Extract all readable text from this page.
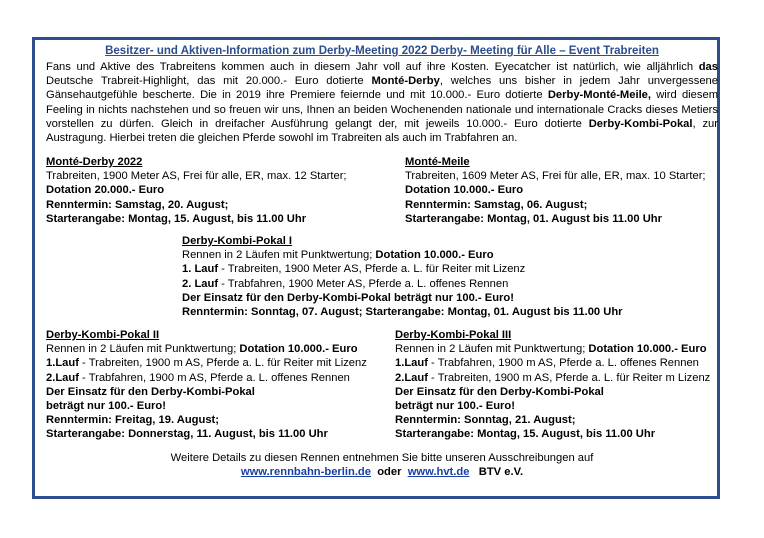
Besitzer- und Aktiven-Information zum Derby-Meeting 2022 Derby- Meeting für Alle – Event Trabreiten
Fans und Aktive des Trabreitens kommen auch in diesem Jahr voll auf ihre Kosten. Eyecatcher ist natürlich, wie alljährlich das Deutsche Trabreit-Highlight, das mit 20.000.- Euro dotierte Monté-Derby, welches uns bisher in jedem Jahr unvergessene Gänsehautgefühle bescherte. Die in 2019 ihre Premiere feiernde und mit 10.000.- Euro dotierte Derby-Monté-Meile, wird diesem Feeling in nichts nachstehen und so freuen wir uns, Ihnen an beiden Wochenenden nationale und internationale Cracks dieses Metiers vorstellen zu dürfen. Gleich in dreifacher Ausführung gelangt der, mit jeweils 10.000.- Euro dotierte Derby-Kombi-Pokal, zur Austragung. Hierbei treten die gleichen Pferde sowohl im Trabreiten als auch im Trabfahren an.
Monté-Derby 2022
Trabreiten, 1900 Meter AS, Frei für alle, ER, max. 12 Starter;
Dotation 20.000.- Euro
Renntermin: Samstag, 20. August;
Starterangabe: Montag, 15. August, bis 11.00 Uhr
Monté-Meile
Trabreiten, 1609 Meter AS, Frei für alle, ER, max. 10 Starter;
Dotation 10.000.- Euro
Renntermin: Samstag, 06. August;
Starterangabe: Montag, 01. August bis 11.00 Uhr
Derby-Kombi-Pokal I
Rennen in 2 Läufen mit Punktwertung; Dotation 10.000.- Euro
1. Lauf - Trabreiten, 1900 Meter AS, Pferde a. L. für Reiter mit Lizenz
2. Lauf - Trabfahren, 1900 Meter AS, Pferde a. L. offenes Rennen
Der Einsatz für den Derby-Kombi-Pokal beträgt nur 100.- Euro!
Renntermin: Sonntag, 07. August; Starterangabe: Montag, 01. August bis 11.00 Uhr
Derby-Kombi-Pokal II
Rennen in 2 Läufen mit Punktwertung; Dotation 10.000.- Euro
1.Lauf - Trabreiten, 1900 m AS, Pferde a. L. für Reiter mit Lizenz
2.Lauf - Trabfahren, 1900 m AS, Pferde a. L. offenes Rennen
Der Einsatz für den Derby-Kombi-Pokal
beträgt nur 100.- Euro!
Renntermin: Freitag, 19. August;
Starterangabe: Donnerstag, 11. August, bis 11.00 Uhr
Derby-Kombi-Pokal III
Rennen in 2 Läufen mit Punktwertung; Dotation 10.000.- Euro
1.Lauf - Trabfahren, 1900 m AS, Pferde a. L. offenes Rennen
2.Lauf - Trabreiten, 1900 m AS, Pferde a. L. für Reiter m Lizenz
Der Einsatz für den Derby-Kombi-Pokal
beträgt nur 100.- Euro!
Renntermin: Sonntag, 21. August;
Starterangabe: Montag, 15. August, bis 11.00 Uhr
Weitere Details zu diesen Rennen entnehmen Sie bitte unseren Ausschreibungen auf
www.rennbahn-berlin.de oder www.hvt.de BTV e.V.
